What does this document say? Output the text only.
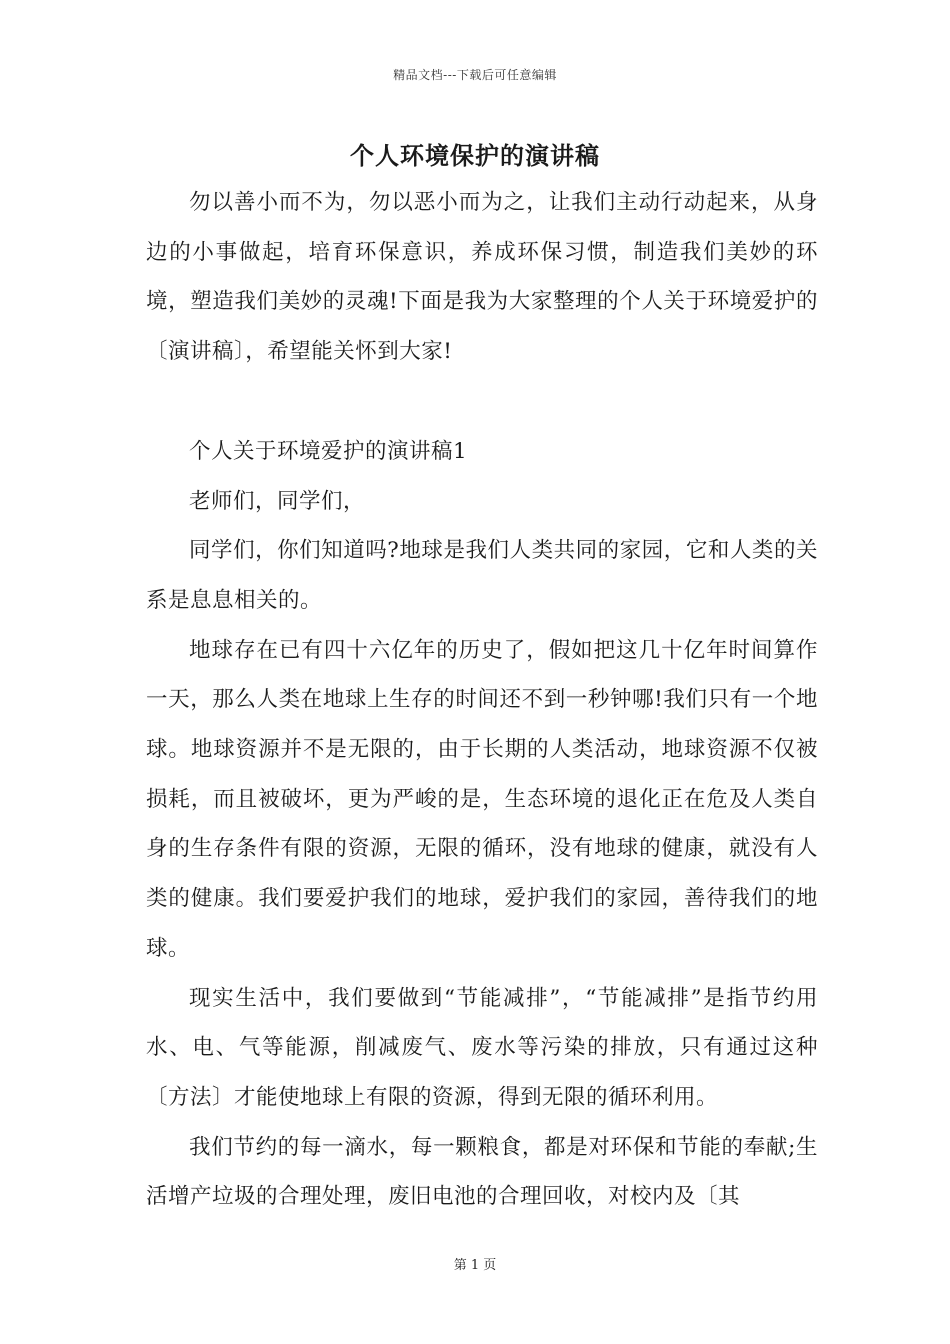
精品文档---下载后可任意编辑
个人环境保护的演讲稿

勿以善小而不为，勿以恶小而为之，让我们主动行动起来，从身边的小事做起，培育环保意识，养成环保习惯，制造我们美妙的环境，塑造我们美妙的灵魂!下面是我为大家整理的个人关于环境爱护的〔演讲稿〕，希望能关怀到大家!

个人关于环境爱护的演讲稿1

老师们，同学们，

同学们，你们知道吗?地球是我们人类共同的家园，它和人类的关系是息息相关的。

地球存在已有四十六亿年的历史了，假如把这几十亿年时间算作一天，那么人类在地球上生存的时间还不到一秒钟哪!我们只有一个地球。地球资源并不是无限的，由于长期的人类活动，地球资源不仅被损耗，而且被破坏，更为严峻的是，生态环境的退化正在危及人类自身的生存条件有限的资源，无限的循环，没有地球的健康，就没有人类的健康。我们要爱护我们的地球，爱护我们的家园，善待我们的地球。

现实生活中，我们要做到“节能减排”，“节能减排”是指节约用水、电、气等能源，削减废气、废水等污染的排放，只有通过这种〔方法〕才能使地球上有限的资源，得到无限的循环利用。

我们节约的每一滴水，每一颗粮食，都是对环保和节能的奉献;生活增产垃圾的合理处理，废旧电池的合理回收，对校内及〔其

第 1 页
